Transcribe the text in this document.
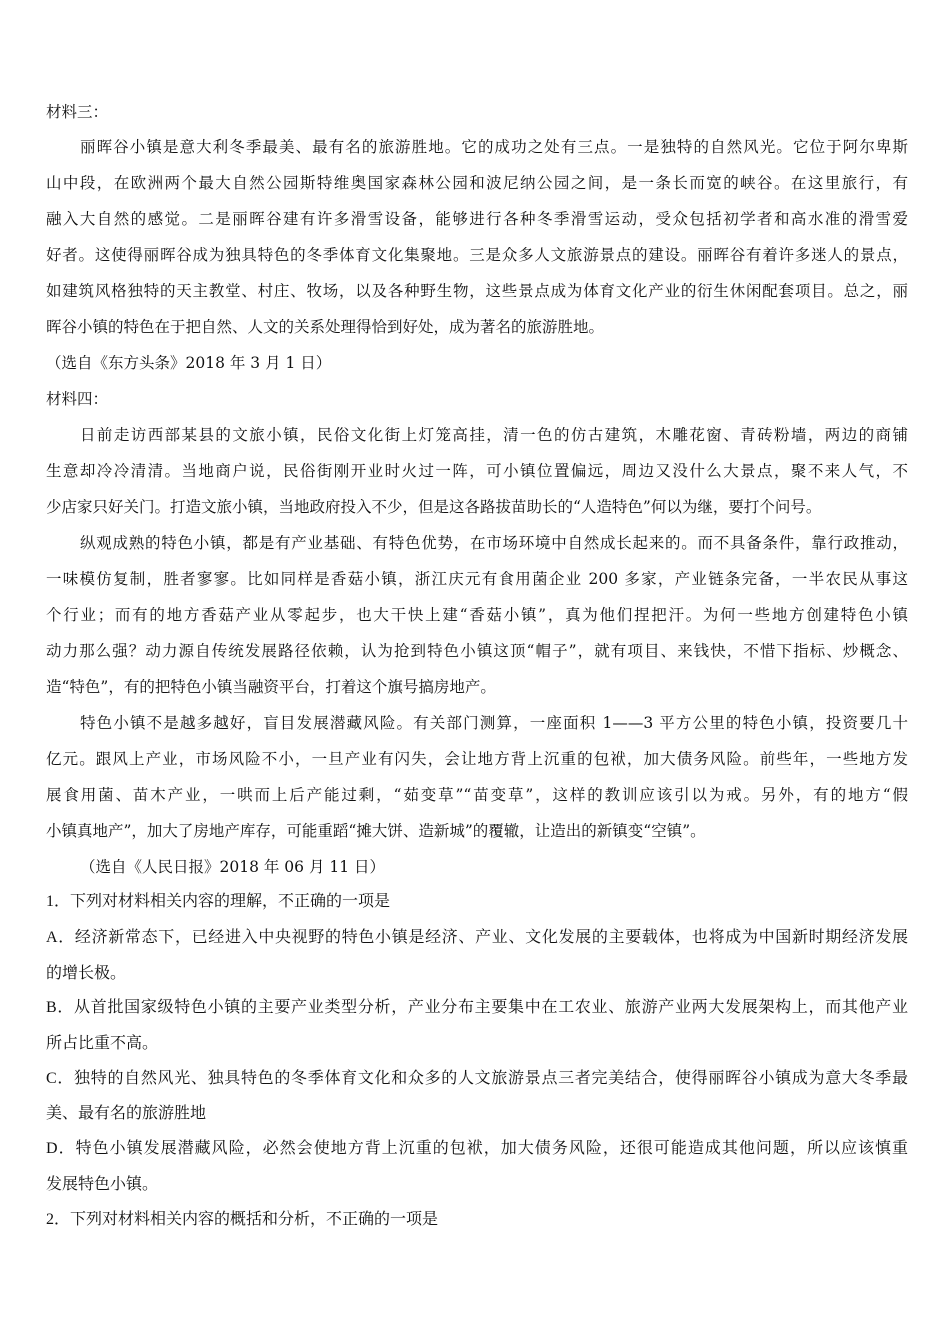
材料三：
丽晖谷小镇是意大利冬季最美、最有名的旅游胜地。它的成功之处有三点。一是独特的自然风光。它位于阿尔卑斯
山中段，在欧洲两个最大自然公园斯特维奥国家森林公园和波尼纳公园之间，是一条长而宽的峡谷。在这里旅行，有
融入大自然的感觉。二是丽晖谷建有许多滑雪设备，能够进行各种冬季滑雪运动，受众包括初学者和高水准的滑雪爱
好者。这使得丽晖谷成为独具特色的冬季体育文化集聚地。三是众多人文旅游景点的建设。丽晖谷有着许多迷人的景点，
如建筑风格独特的天主教堂、村庄、牧场，以及各种野生物，这些景点成为体育文化产业的衍生休闲配套项目。总之，丽
晖谷小镇的特色在于把自然、人文的关系处理得恰到好处，成为著名的旅游胜地。
（选自《东方头条》2018 年 3 月 1 日）
材料四：
日前走访西部某县的文旅小镇，民俗文化街上灯笼高挂，清一色的仿古建筑，木雕花窗、青砖粉墙，两边的商铺
生意却冷冷清清。当地商户说，民俗街刚开业时火过一阵，可小镇位置偏远，周边又没什么大景点，聚不来人气，不
少店家只好关门。打造文旅小镇，当地政府投入不少，但是这各路拔苗助长的“人造特色”何以为继，要打个问号。
纵观成熟的特色小镇，都是有产业基础、有特色优势，在市场环境中自然成长起来的。而不具备条件，靠行政推动，
一味模仿复制，胜者寥寥。比如同样是香菇小镇，浙江庆元有食用菌企业 200 多家，产业链条完备，一半农民从事这
个行业；而有的地方香菇产业从零起步，也大干快上建“香菇小镇”，真为他们捏把汗。为何一些地方创建特色小镇
动力那么强？动力源自传统发展路径依赖，认为抢到特色小镇这顶“帽子”，就有项目、来钱快，不惜下指标、炒概念、
造“特色”，有的把特色小镇当融资平台，打着这个旗号搞房地产。
特色小镇不是越多越好，盲目发展潜藏风险。有关部门测算，一座面积 1——3 平方公里的特色小镇，投资要几十
亿元。跟风上产业，市场风险不小，一旦产业有闪失，会让地方背上沉重的包袱，加大债务风险。前些年，一些地方发
展食用菌、苗木产业，一哄而上后产能过剩，“茹变草”“苗变草”，这样的教训应该引以为戒。另外，有的地方“假
小镇真地产”，加大了房地产库存，可能重蹈“摊大饼、造新城”的覆辙，让造出的新镇变“空镇”。
（选自《人民日报》2018 年 06 月 11 日）
1．下列对材料相关内容的理解，不正确的一项是
A．经济新常态下，已经进入中央视野的特色小镇是经济、产业、文化发展的主要载体，也将成为中国新时期经济发展
的增长极。
B．从首批国家级特色小镇的主要产业类型分析，产业分布主要集中在工农业、旅游产业两大发展架构上，而其他产业
所占比重不高。
C．独特的自然风光、独具特色的冬季体育文化和众多的人文旅游景点三者完美结合，使得丽晖谷小镇成为意大冬季最
美、最有名的旅游胜地
D．特色小镇发展潜藏风险，必然会使地方背上沉重的包袱，加大债务风险，还很可能造成其他问题，所以应该慎重
发展特色小镇。
2．下列对材料相关内容的概括和分析，不正确的一项是
